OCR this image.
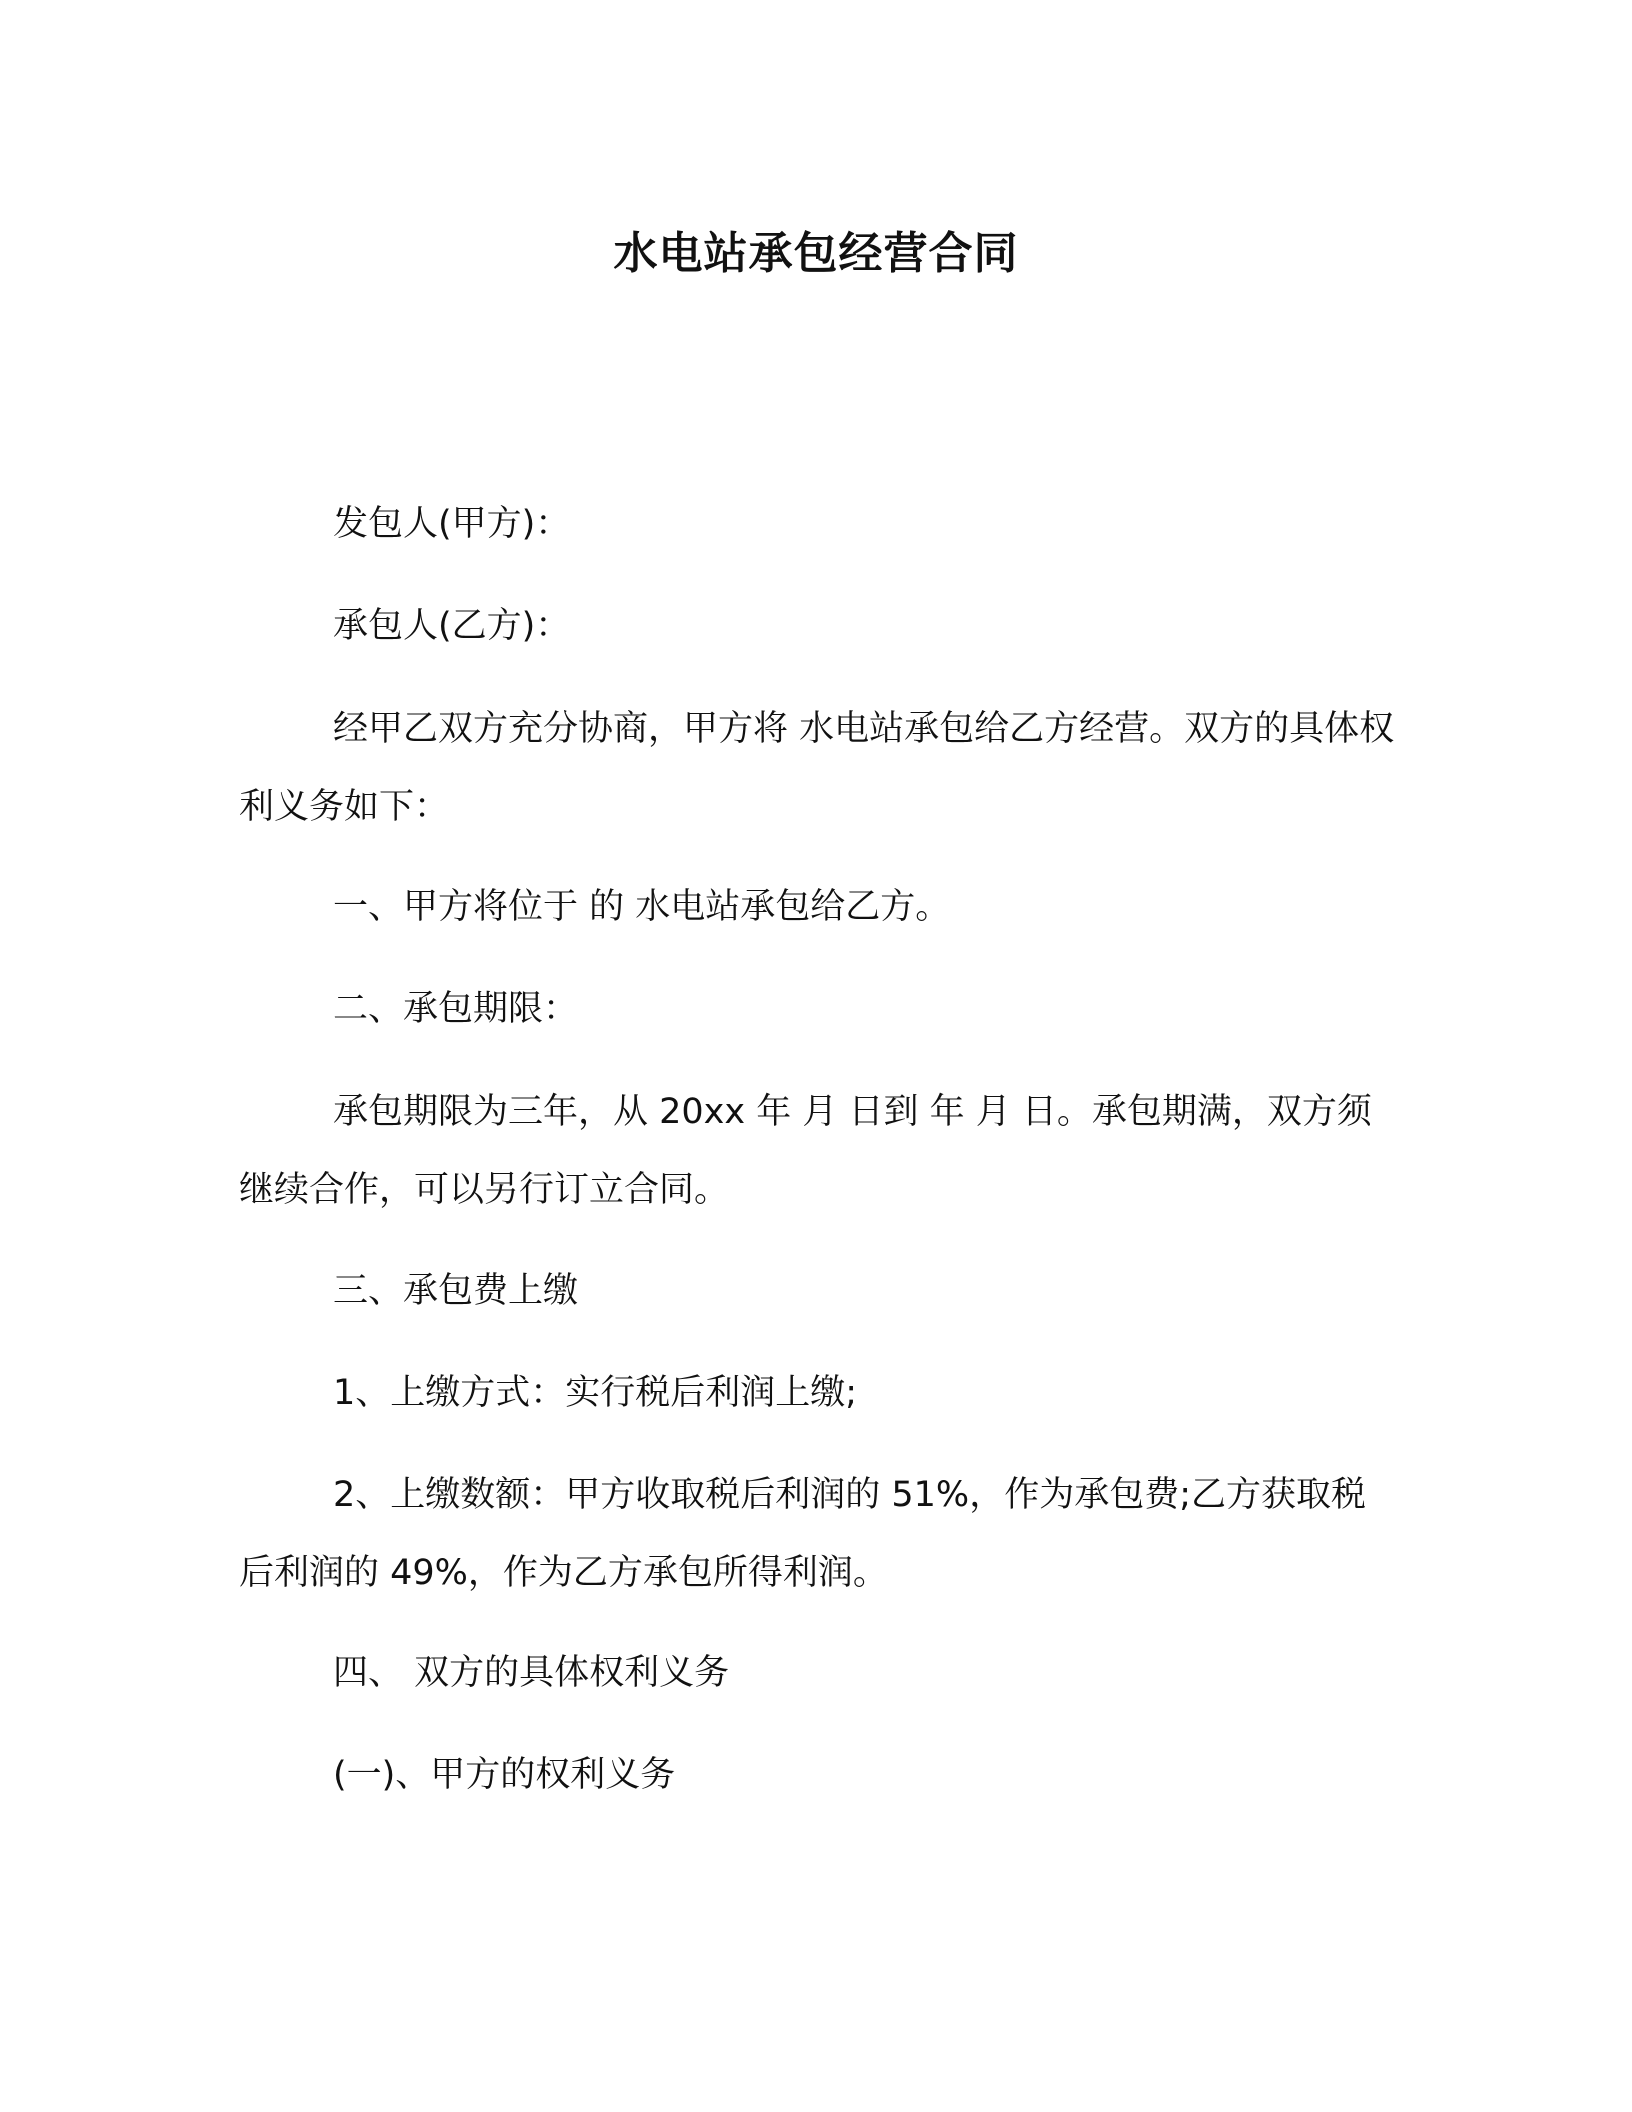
水电站承包经营合同

发包人(甲方)：

承包人(乙方)：

经甲乙双方充分协商，甲方将 水电站承包给乙方经营。双方的具体权利义务如下：

一、甲方将位于 的 水电站承包给乙方。

二、承包期限：

承包期限为三年，从 20xx 年 月 日到 年 月 日。承包期满，双方须继续合作，可以另行订立合同。

三、承包费上缴

1、上缴方式：实行税后利润上缴;

2、上缴数额：甲方收取税后利润的 51%，作为承包费;乙方获取税后利润的 49%，作为乙方承包所得利润。

四、 双方的具体权利义务

(一)、甲方的权利义务
